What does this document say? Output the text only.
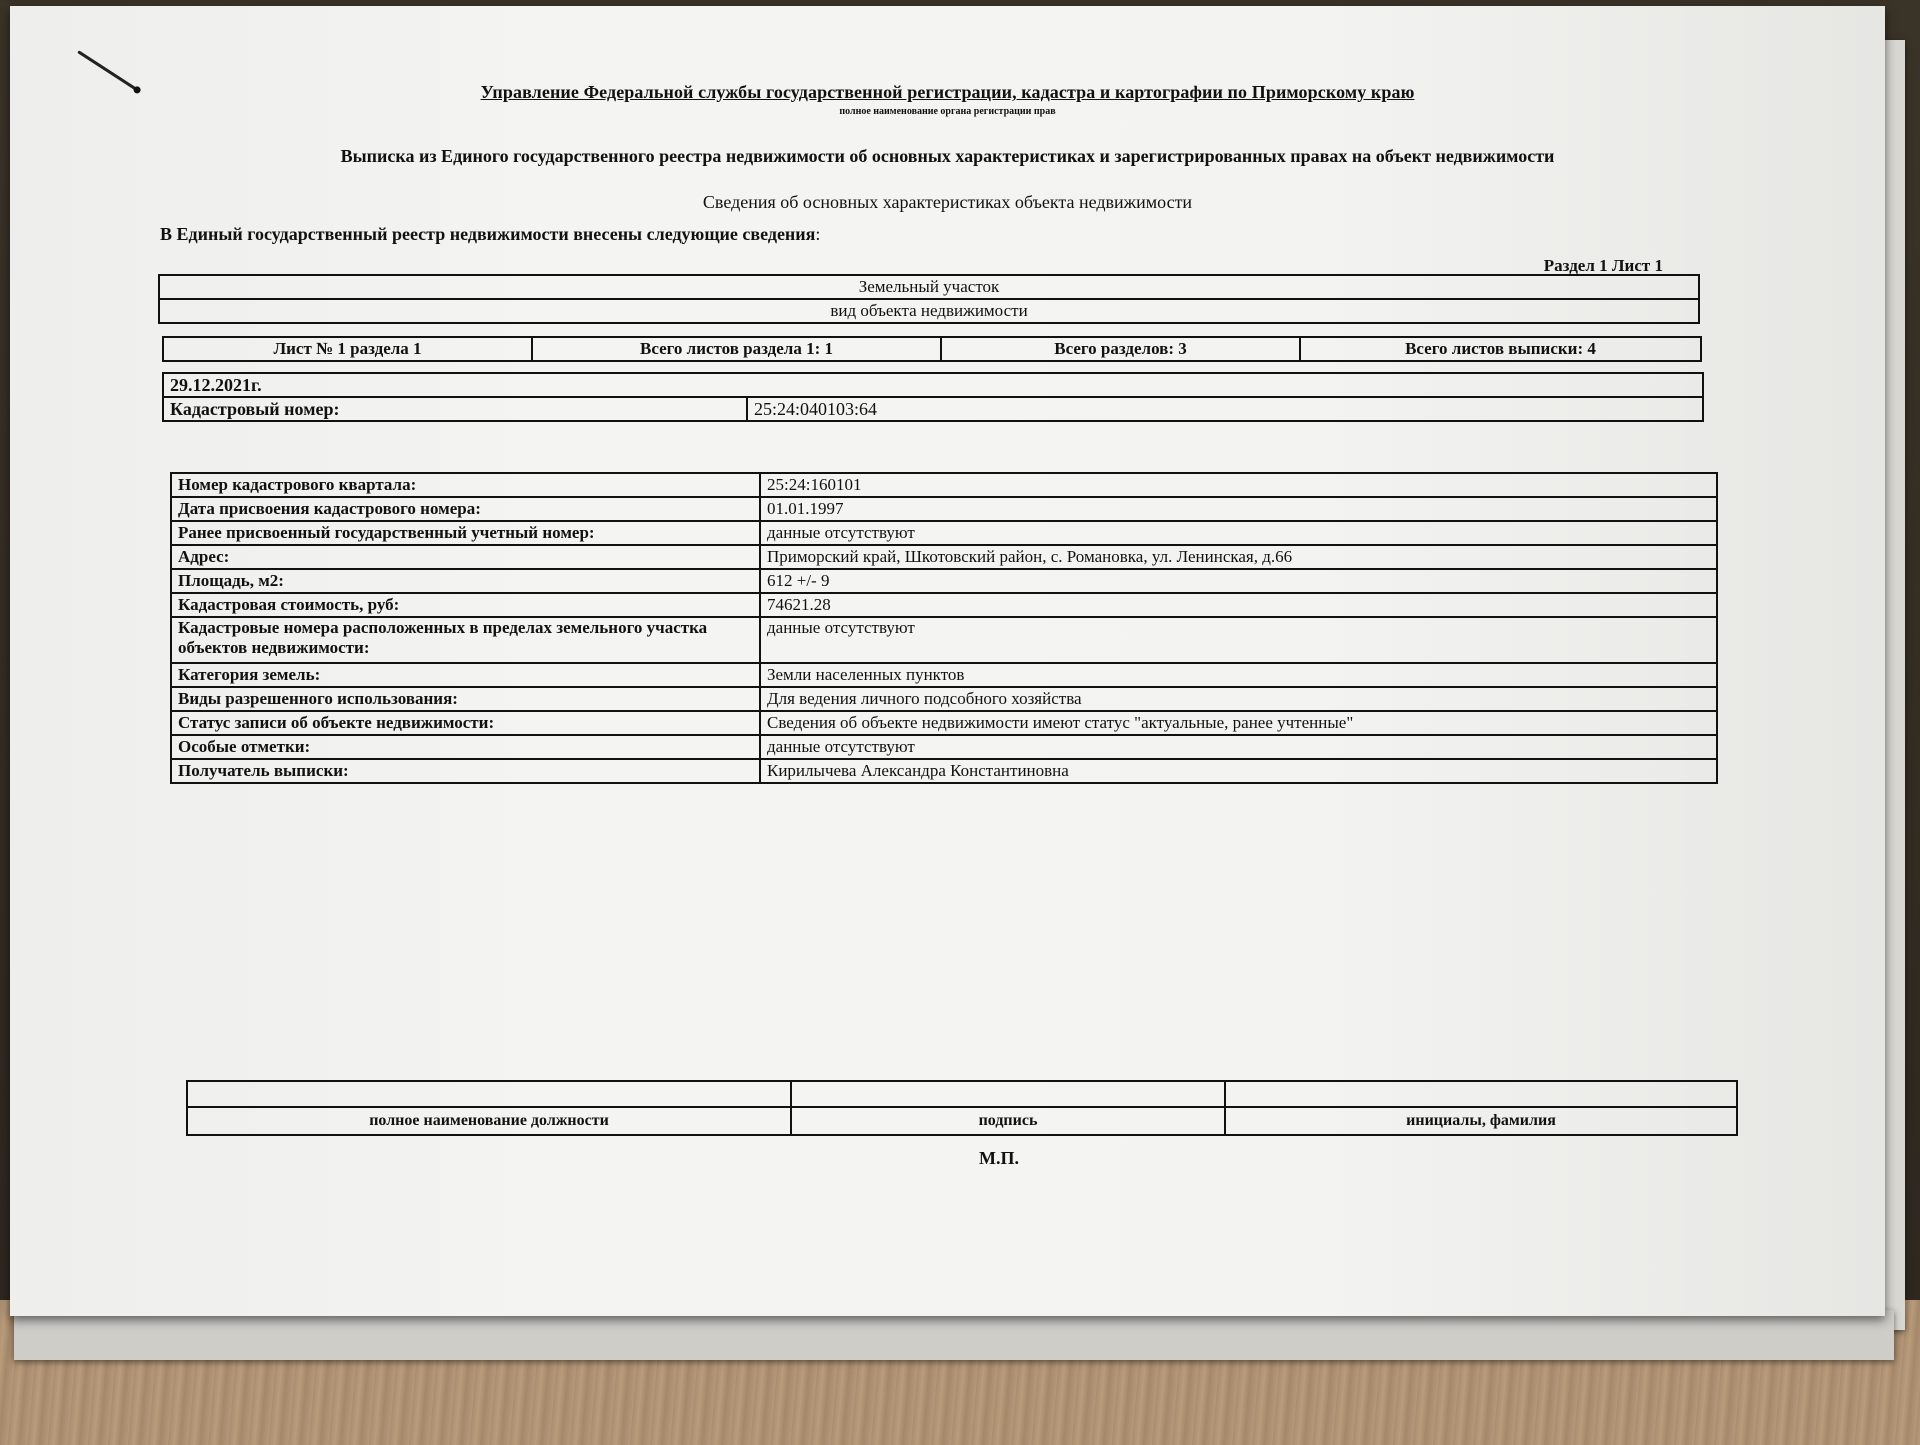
Управление Федеральной службы государственной регистрации, кадастра и картографии по Приморскому краю
полное наименование органа регистрации прав
Выписка из Единого государственного реестра недвижимости об основных характеристиках и зарегистрированных правах на объект недвижимости
Сведения об основных характеристиках объекта недвижимости
В Единый государственный реестр недвижимости внесены следующие сведения:
Раздел 1 Лист 1
Земельный участок
вид объекта недвижимости
Лист № 1 раздела 1	Всего листов раздела 1: 1	Всего разделов: 3	Всего листов выписки: 4
29.12.2021г.
Кадастровый номер:	25:24:040103:64
Номер кадастрового квартала:	25:24:160101
Дата присвоения кадастрового номера:	01.01.1997
Ранее присвоенный государственный учетный номер:	данные отсутствуют
Адрес:	Приморский край, Шкотовский район, с. Романовка, ул. Ленинская, д.66
Площадь, м2:	612 +/- 9
Кадастровая стоимость, руб:	74621.28
Кадастровые номера расположенных в пределах земельного участка объектов недвижимости:	данные отсутствуют
Категория земель:	Земли населенных пунктов
Виды разрешенного использования:	Для ведения личного подсобного хозяйства
Статус записи об объекте недвижимости:	Сведения об объекте недвижимости имеют статус "актуальные, ранее учтенные"
Особые отметки:	данные отсутствуют
Получатель выписки:	Кирилычева Александра Константиновна

полное наименование должности	подпись	инициалы, фамилия
М.П.
